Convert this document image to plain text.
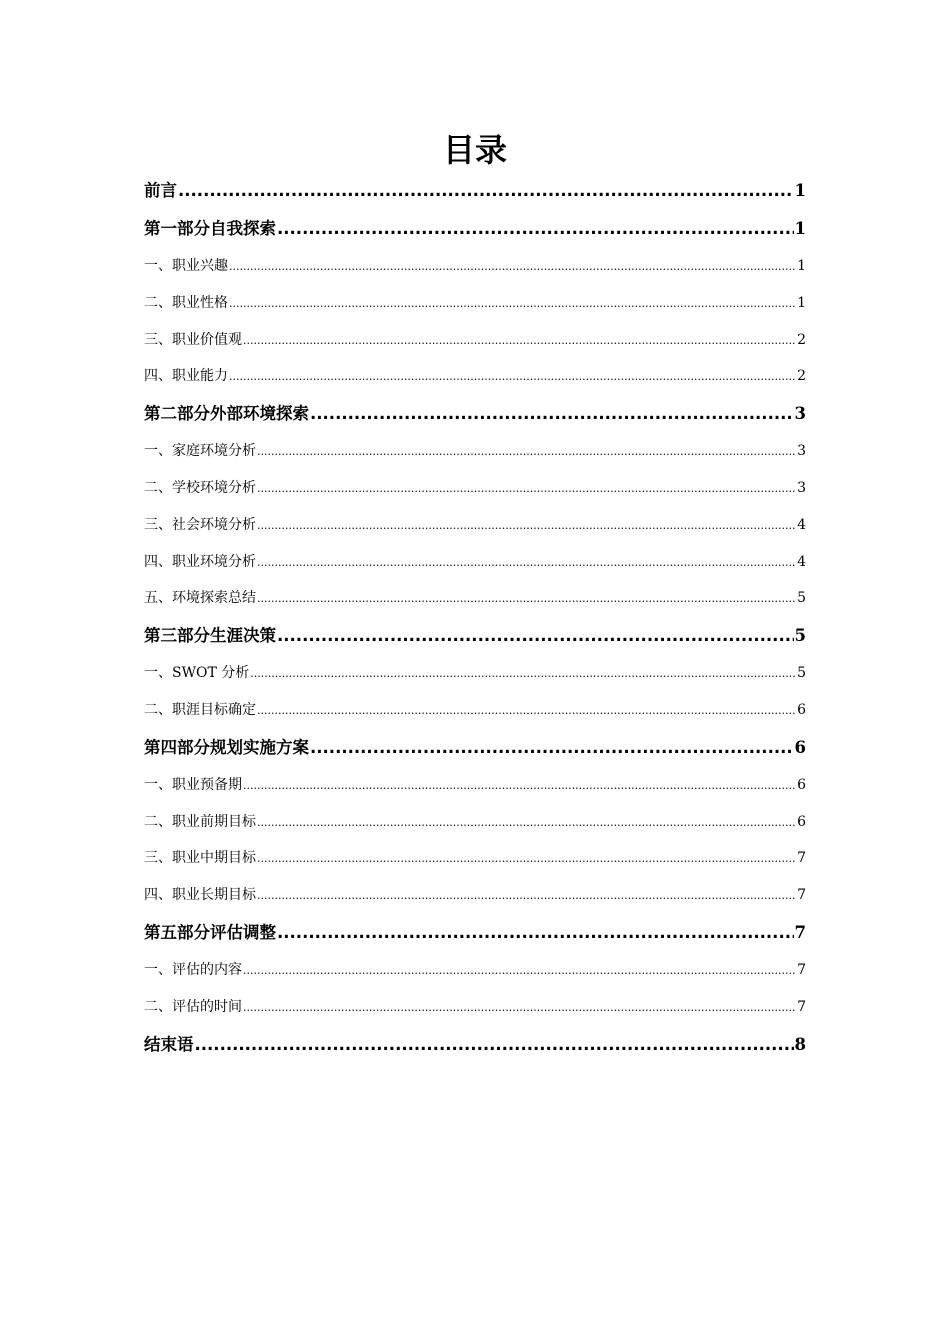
目录
前言 .....	1
第一部分自我探索 .....	1
一、职业兴趣 .....	1
二、职业性格 .....	1
三、职业价值观 .....	2
四、职业能力 .....	2
第二部分外部环境探索 .....	3
一、家庭环境分析 .....	3
二、学校环境分析 .....	3
三、社会环境分析 .....	4
四、职业环境分析 .....	4
五、环境探索总结 .....	5
第三部分生涯决策 .....	5
一、SWOT 分析 .....	5
二、职涯目标确定 .....	6
第四部分规划实施方案 .....	6
一、职业预备期 .....	6
二、职业前期目标 .....	6
三、职业中期目标 .....	7
四、职业长期目标 .....	7
第五部分评估调整 .....	7
一、评估的内容 .....	7
二、评估的时间 .....	7
结束语 .....	8
